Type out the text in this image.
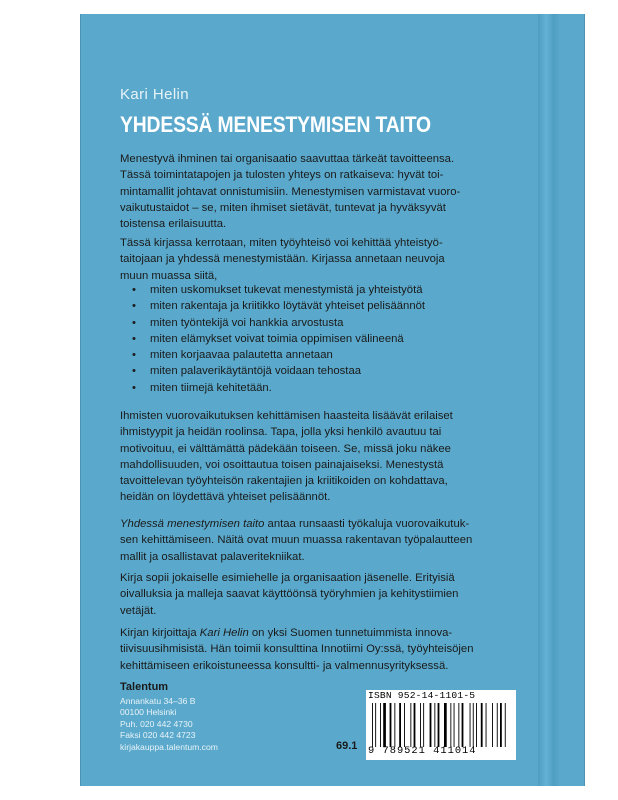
Kari Helin
YHDESSÄ MENESTYMISEN TAITO
Menestyvä ihminen tai organisaatio saavuttaa tärkeät tavoitteensa.
Tässä toimintatapojen ja tulosten yhteys on ratkaiseva: hyvät toi-
mintamallit johtavat onnistumisiin. Menestymisen varmistavat vuoro-
vaikutustaidot – se, miten ihmiset sietävät, tuntevat ja hyväksyvät
toistensa erilaisuutta.
Tässä kirjassa kerrotaan, miten työyhteisö voi kehittää yhteistyö-
taitojaan ja yhdessä menestymistään. Kirjassa annetaan neuvoja
muun muassa siitä,
• miten uskomukset tukevat menestymistä ja yhteistyötä
• miten rakentaja ja kriitikko löytävät yhteiset pelisäännöt
• miten työntekijä voi hankkia arvostusta
• miten elämykset voivat toimia oppimisen välineenä
• miten korjaavaa palautetta annetaan
• miten palaverikäytäntöjä voidaan tehostaa
• miten tiimejä kehitetään.
Ihmisten vuorovaikutuksen kehittämisen haasteita lisäävät erilaiset
ihmistyypit ja heidän roolinsa. Tapa, jolla yksi henkilö avautuu tai
motivoituu, ei välttämättä pädekään toiseen. Se, missä joku näkee
mahdollisuuden, voi osoittautua toisen painajaiseksi. Menestystä
tavoittelevan työyhteisön rakentajien ja kriitikoiden on kohdattava,
heidän on löydettävä yhteiset pelisäännöt.
Yhdessä menestymisen taito antaa runsaasti työkaluja vuorovaikutuk-
sen kehittämiseen. Näitä ovat muun muassa rakentavan työpalautteen
mallit ja osallistavat palaveritekniikat.
Kirja sopii jokaiselle esimiehelle ja organisaation jäsenelle. Erityisiä
oivalluksia ja malleja saavat käyttöönsä työryhmien ja kehitystiimien
vetäjät.
Kirjan kirjoittaja Kari Helin on yksi Suomen tunnetuimmista innova-
tiivisuusihmisistä. Hän toimii konsulttina Innotiimi Oy:ssä, työyhteisöjen
kehittämiseen erikoistuneessa konsultti- ja valmennusyrityksessä.
Talentum
Annankatu 34–36 B
00100 Helsinki
Puh. 020 442 4730
Faksi 020 442 4723
kirjakauppa.talentum.com	69.1
ISBN 952-14-1101-5
9 789521 411014
